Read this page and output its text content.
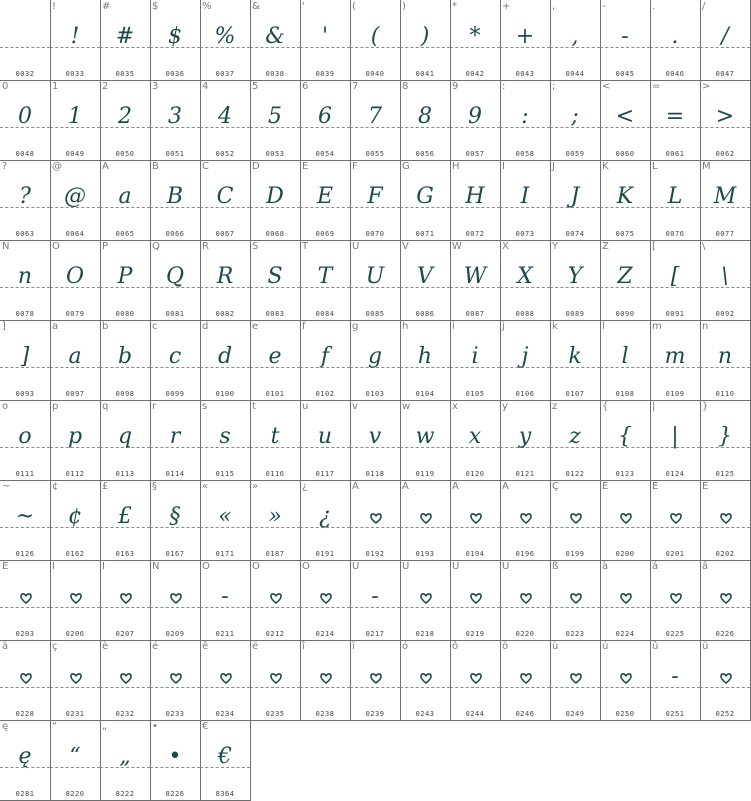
0032
!
!
0033
#
#
0035
$
$
0036
%
%
0037
&
&
0038
'
'
0039
(
(
0040
)
)
0041
*
*
0042
+
+
0043
,
,
0044
-
-
0045
.
.
0046
/
/
0047
0
0
0048
1
1
0049
2
2
0050
3
3
0051
4
4
0052
5
5
0053
6
6
0054
7
7
0055
8
8
0056
9
9
0057
:
:
0058
;
;
0059
<
<
0060
=
=
0061
>
>
0062
?
?
0063
@
@
0064
A
a
0065
B
B
0066
C
C
0067
D
D
0068
E
E
0069
F
F
0070
G
G
0071
H
H
0072
I
I
0073
J
J
0074
K
K
0075
L
L
0076
M
M
0077
N
n
0078
O
O
0079
P
P
0080
Q
Q
0081
R
R
0082
S
S
0083
T
T
0084
U
U
0085
V
V
0086
W
W
0087
X
X
0088
Y
Y
0089
Z
Z
0090
[
[
0091
\
\
0092
]
]
0093
a
a
0097
b
b
0098
c
c
0099
d
d
0100
e
e
0101
f
f
0102
g
g
0103
h
h
0104
i
i
0105
j
j
0106
k
k
0107
l
l
0108
m
m
0109
n
n
0110
o
o
0111
p
p
0112
q
q
0113
r
r
0114
s
s
0115
t
t
0116
u
u
0117
v
v
0118
w
w
0119
x
x
0120
y
y
0121
z
z
0122
{
{
0123
|
|
0124
}
}
0125
~
~
0126
¢
¢
0162
£
£
0163
§
§
0167
«
«
0171
»
»
0187
¿
¿
0191
À
0192
Á
0193
Â
0194
Ä
0196
Ç
0199
È
0200
É
0201
Ê
0202
Ë
0203
Î
0206
Ï
0207
Ñ
0209
Ó
-
0211
Ô
0212
Ö
0214
Ù
-
0217
Ú
0218
Û
0219
Ü
0220
ß
0223
à
0224
á
0225
â
0226
ä
0228
ç
0231
è
0232
é
0233
ê
0234
ë
0235
î
0238
ï
0239
ó
0243
ô
0244
ö
0246
ù
0249
ú
0250
û
-
0251
ü
0252
ę
ę
0281
“
“
8220
„
„
8222
•
•
8226
€
€
8364
